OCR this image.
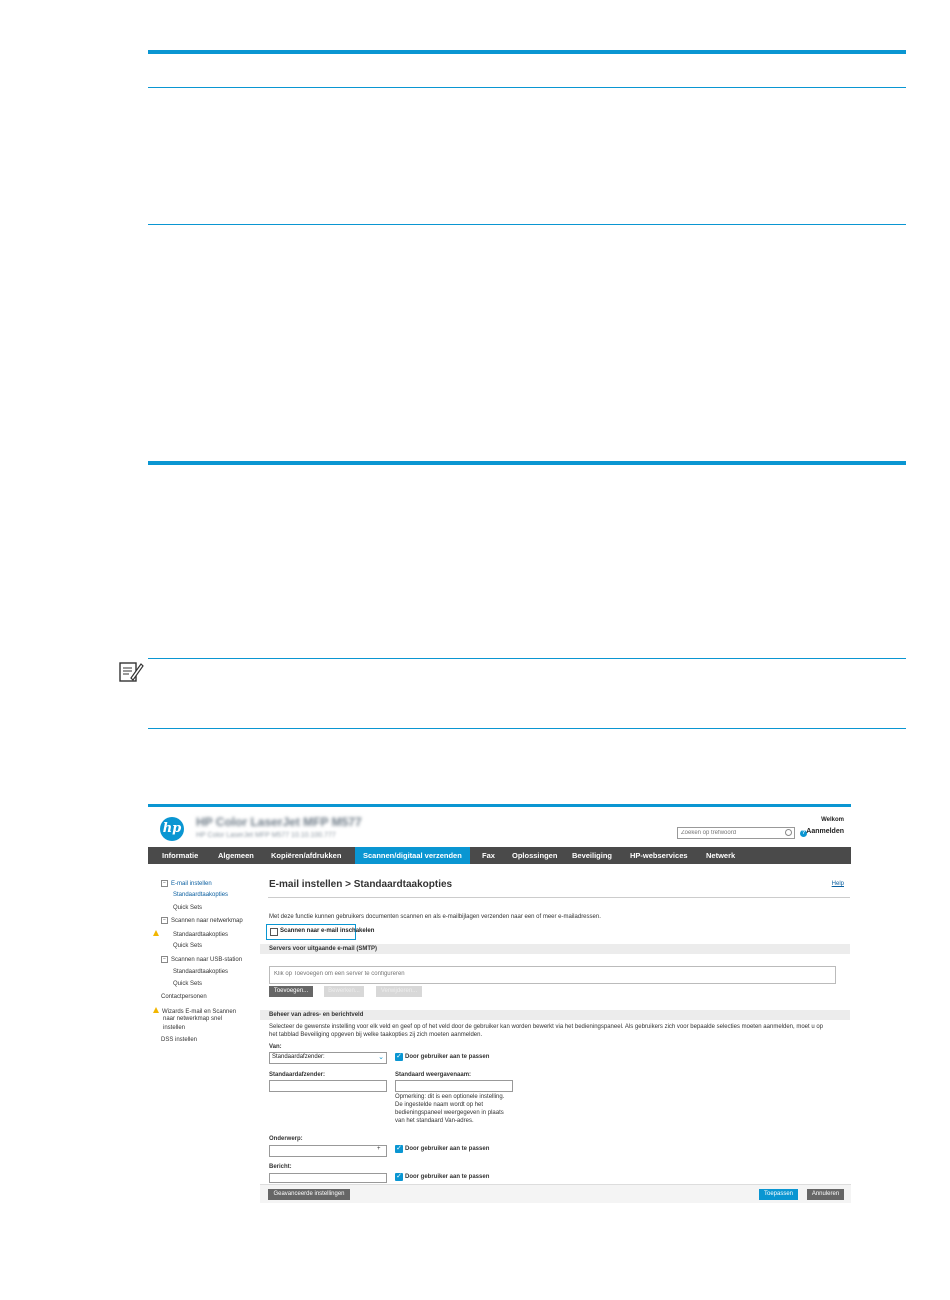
hp HP Color LaserJet MFP M577
HP Color LaserJet MFP M577 10.10.100.777
Zoeken op trefwoord	?
Welkom
Aanmelden
Informatie	Algemeen Kopiëren/afdrukken	Scannen/digitaal verzenden	Fax Oplossingen Beveiliging HP-webservices Netwerk
− E-mail instellen
Standaardtaakopties
Quick Sets
− Scannen naar netwerkmap
Standaardtaakopties
Quick Sets
− Scannen naar USB-station
Standaardtaakopties
Quick Sets
Contactpersonen
Wizards E-mail en Scannen
naar netwerkmap snel
instellen
DSS instellen
E-mail instellen > Standaardtaakopties	Help
Met deze functie kunnen gebruikers documenten scannen en als e-mailbijlagen verzenden naar een of meer e-mailadressen.
Scannen naar e-mail inschakelen
Servers voor uitgaande e-mail (SMTP)
Klik op Toevoegen om een server te configureren
Toevoegen...	Bewerken...	Verwijderen...
Beheer van adres- en berichtveld
Selecteer de gewenste instelling voor elk veld en geef op of het veld door de gebruiker kan worden bewerkt via het bedieningspaneel. Als gebruikers zich voor bepaalde selecties moeten aanmelden, moet u op
het tabblad Beveiliging opgeven bij welke taakopties zij zich moeten aanmelden.
Van:
Standaardafzender:	⌄ ✓ Door gebruiker aan te passen
Standaardafzender:	Standaard weergavenaam:
Opmerking: dit is een optionele instelling.
De ingestelde naam wordt op het
bedieningspaneel weergegeven in plaats
van het standaard Van-adres.
Onderwerp:
+ ✓ Door gebruiker aan te passen
Bericht:
✓ Door gebruiker aan te passen
Geavanceerde instellingen	Toepassen	Annuleren
